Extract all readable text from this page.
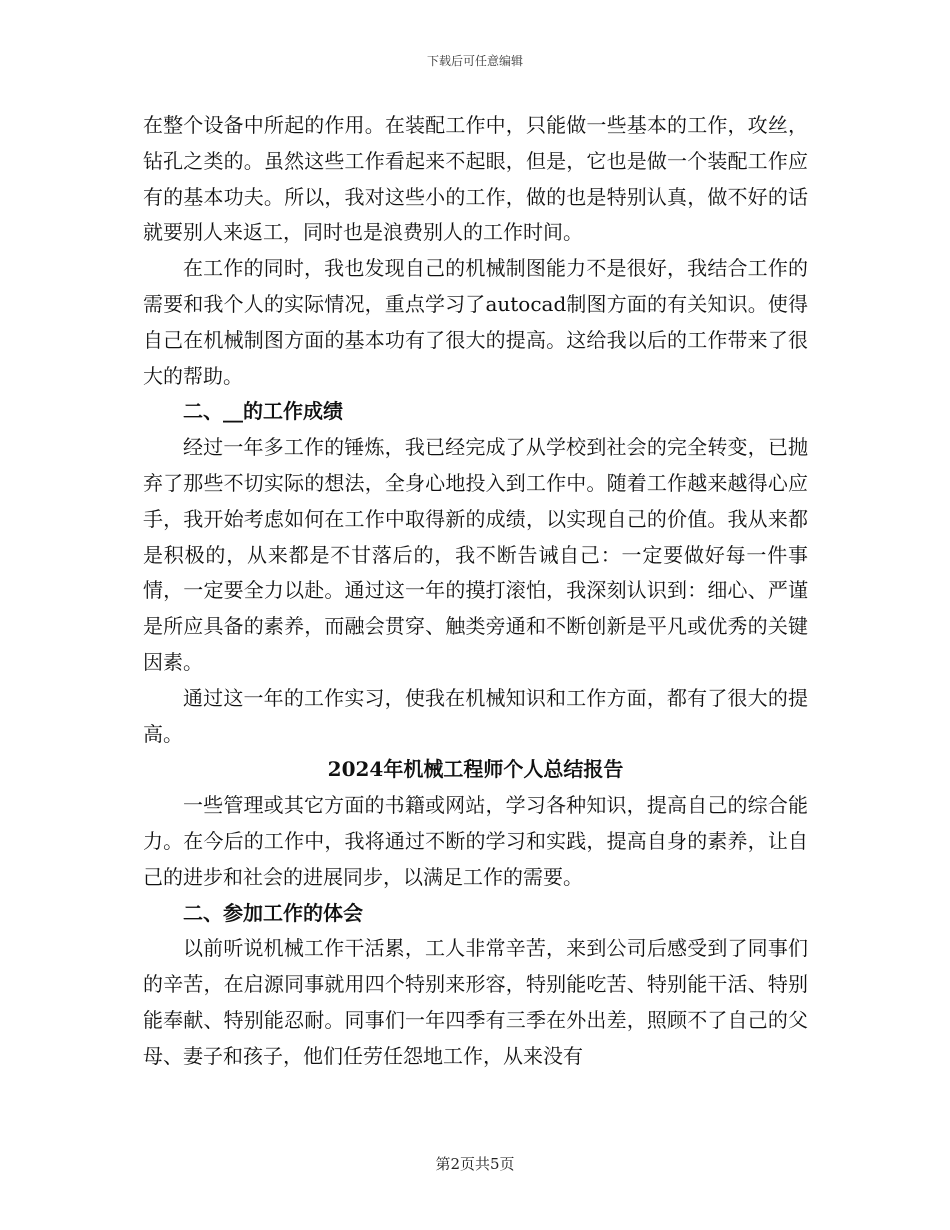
下载后可任意编辑

在整个设备中所起的作用。在装配工作中，只能做一些基本的工作，攻丝，钻孔之类的。虽然这些工作看起来不起眼，但是，它也是做一个装配工作应有的基本功夫。所以，我对这些小的工作，做的也是特别认真，做不好的话就要别人来返工，同时也是浪费别人的工作时间。

在工作的同时，我也发现自己的机械制图能力不是很好，我结合工作的需要和我个人的实际情况，重点学习了autocad制图方面的有关知识。使得自己在机械制图方面的基本功有了很大的提高。这给我以后的工作带来了很大的帮助。

二、__的工作成绩

经过一年多工作的锤炼，我已经完成了从学校到社会的完全转变，已抛弃了那些不切实际的想法，全身心地投入到工作中。随着工作越来越得心应手，我开始考虑如何在工作中取得新的成绩，以实现自己的价值。我从来都是积极的，从来都是不甘落后的，我不断告诫自己：一定要做好每一件事情，一定要全力以赴。通过这一年的摸打滚怕，我深刻认识到：细心、严谨是所应具备的素养，而融会贯穿、触类旁通和不断创新是平凡或优秀的关键因素。

通过这一年的工作实习，使我在机械知识和工作方面，都有了很大的提高。

2024年机械工程师个人总结报告

一些管理或其它方面的书籍或网站，学习各种知识，提高自己的综合能力。在今后的工作中，我将通过不断的学习和实践，提高自身的素养，让自己的进步和社会的进展同步，以满足工作的需要。

二、参加工作的体会

以前听说机械工作干活累，工人非常辛苦，来到公司后感受到了同事们的辛苦，在启源同事就用四个特别来形容，特别能吃苦、特别能干活、特别能奉献、特别能忍耐。同事们一年四季有三季在外出差，照顾不了自己的父母、妻子和孩子，他们任劳任怨地工作，从来没有

第2页共5页
